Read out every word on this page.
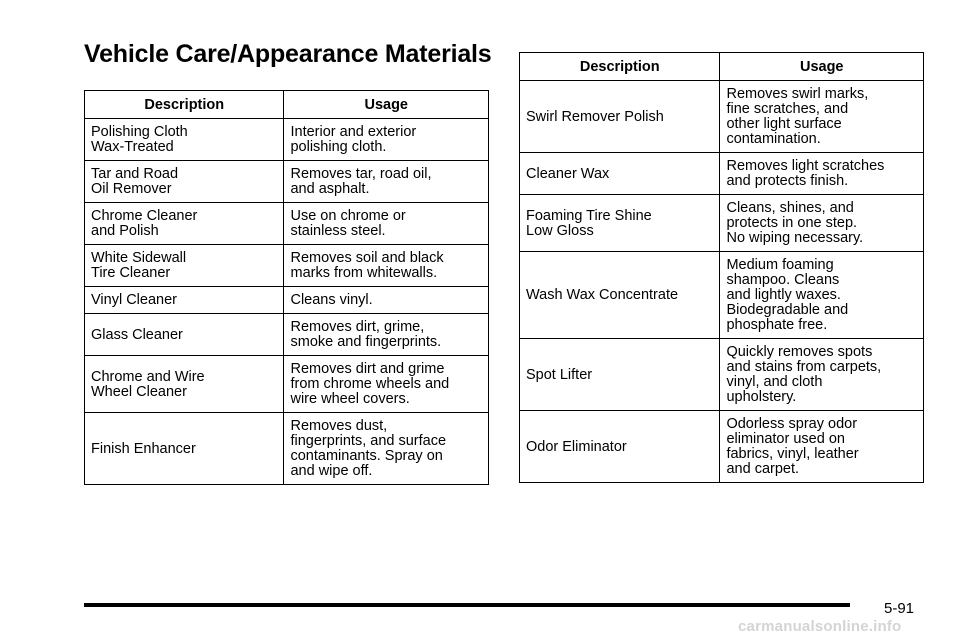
Vehicle Care/Appearance Materials
Description	Usage
Polishing Cloth
Wax-Treated	Interior and exterior
polishing cloth.
Tar and Road
Oil Remover	Removes tar, road oil,
and asphalt.
Chrome Cleaner
and Polish	Use on chrome or
stainless steel.
White Sidewall
Tire Cleaner	Removes soil and black
marks from whitewalls.
Vinyl Cleaner	Cleans vinyl.
Glass Cleaner	Removes dirt, grime,
smoke and fingerprints.
Chrome and Wire
Wheel Cleaner	Removes dirt and grime
from chrome wheels and
wire wheel covers.
Finish Enhancer	Removes dust,
fingerprints, and surface
contaminants. Spray on
and wipe off.
Description	Usage
Swirl Remover Polish	Removes swirl marks,
fine scratches, and
other light surface
contamination.
Cleaner Wax	Removes light scratches
and protects finish.
Foaming Tire Shine
Low Gloss	Cleans, shines, and
protects in one step.
No wiping necessary.
Wash Wax Concentrate	Medium foaming
shampoo. Cleans
and lightly waxes.
Biodegradable and
phosphate free.
Spot Lifter	Quickly removes spots
and stains from carpets,
vinyl, and cloth
upholstery.
Odor Eliminator	Odorless spray odor
eliminator used on
fabrics, vinyl, leather
and carpet.
5-91
carmanualsonline.info
